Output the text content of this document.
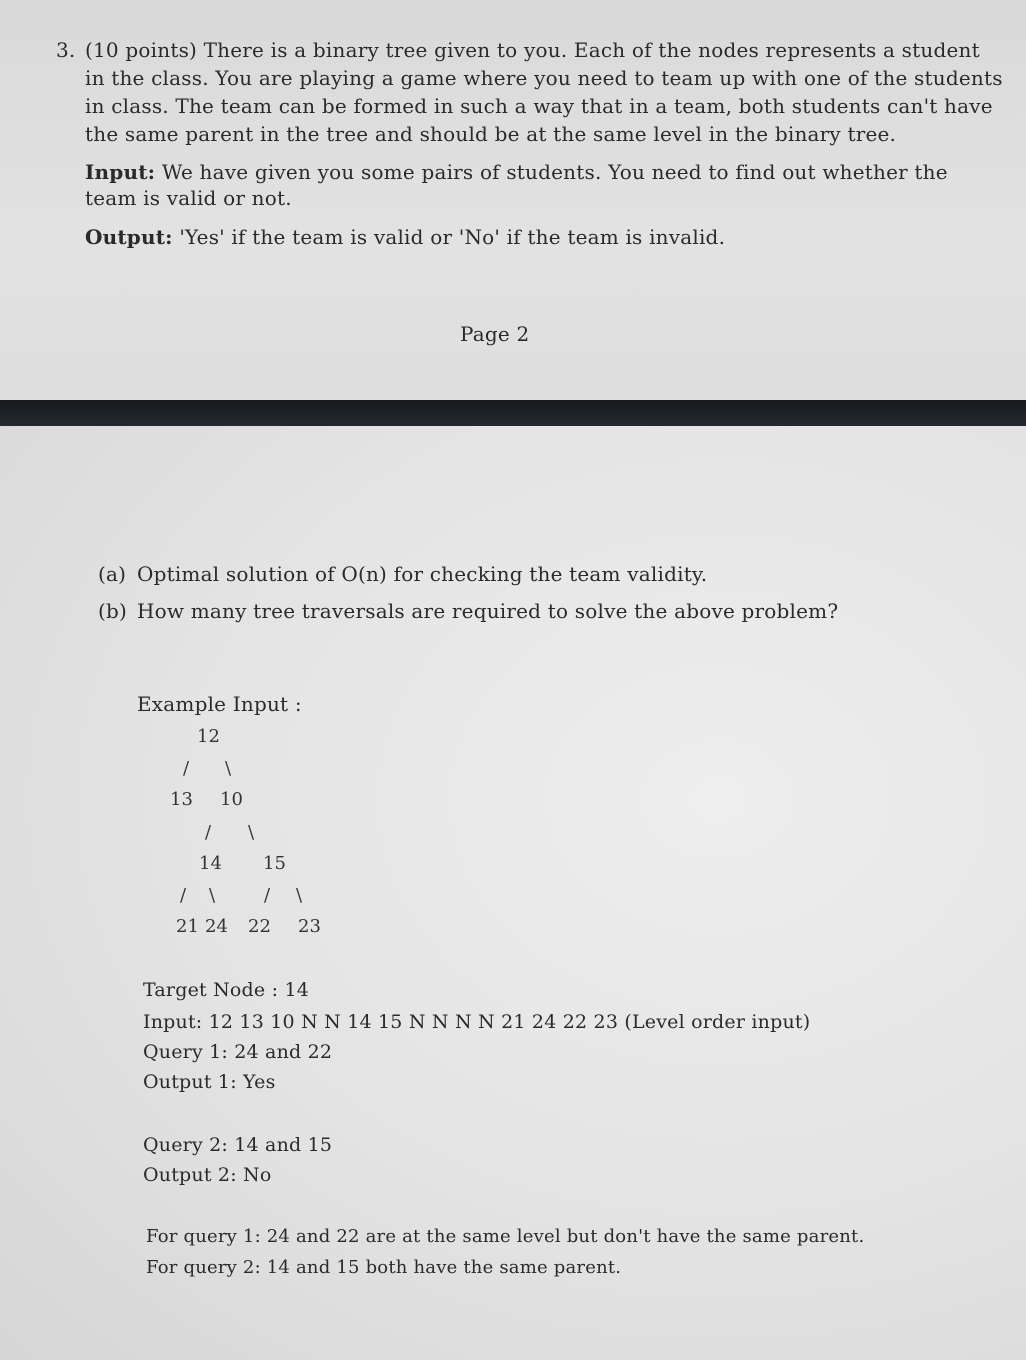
3. (10 points) There is a binary tree given to you. Each of the nodes represents a student
in the class. You are playing a game where you need to team up with one of the students
in class. The team can be formed in such a way that in a team, both students can't have
the same parent in the tree and should be at the same level in the binary tree.
Input: We have given you some pairs of students. You need to find out whether the
team is valid or not.
Output: 'Yes' if the team is valid or 'No' if the team is invalid.
Page 2
(a) Optimal solution of O(n) for checking the team validity.
(b) How many tree traversals are required to solve the above problem?
Example Input :
12
/ \
13 10
/ \
14 15
/ \	/ \
21 24 22 23
Target Node : 14
Input: 12 13 10 N N 14 15 N N N N 21 24 22 23 (Level order input)
Query 1: 24 and 22
Output 1: Yes
Query 2: 14 and 15
Output 2: No
For query 1: 24 and 22 are at the same level but don't have the same parent.
For query 2: 14 and 15 both have the same parent.
